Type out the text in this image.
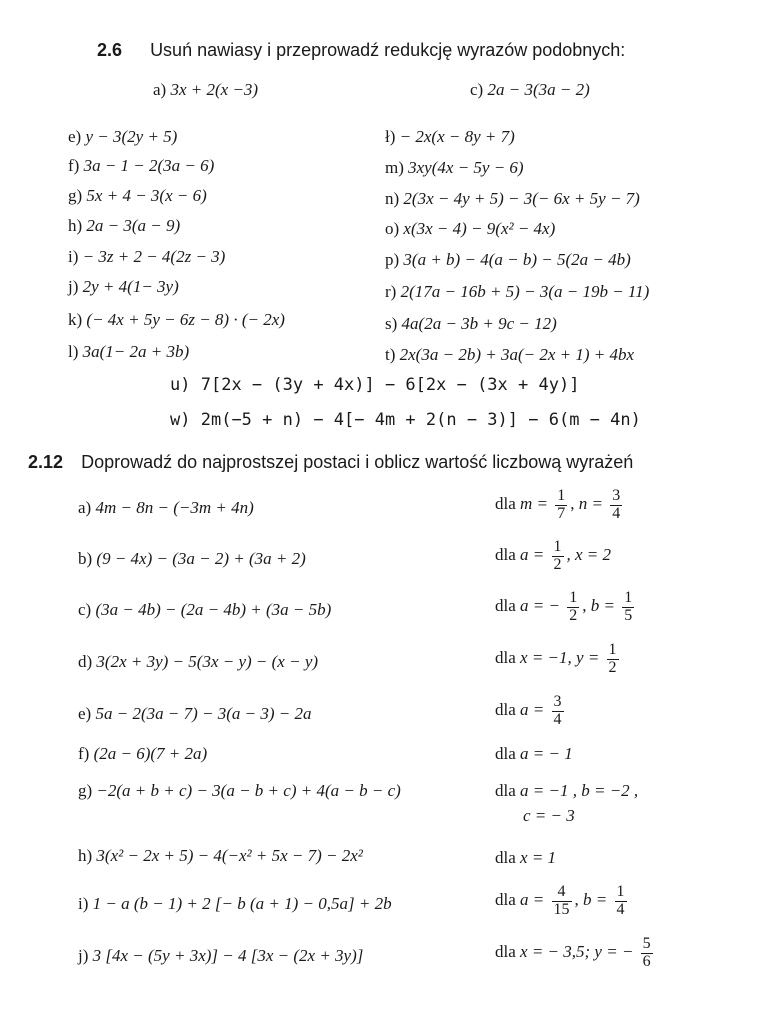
2.6 Usuń nawiasy i przeprowadź redukcję wyrazów podobnych:
a) 3x + 2(x −3)	c) 2a − 3(3a − 2)
e) y − 3(2y + 5)
f) 3a − 1 − 2(3a − 6)
g) 5x + 4 − 3(x − 6)
h) 2a − 3(a − 9)
i) − 3z + 2 − 4(2z − 3)
j) 2y + 4(1− 3y)
k) (− 4x + 5y − 6z − 8) · (− 2x)
l) 3a(1− 2a + 3b)
ł) − 2x(x − 8y + 7)
m) 3xy(4x − 5y − 6)
n) 2(3x − 4y + 5) − 3(− 6x + 5y − 7)
o) x(3x − 4) − 9(x² − 4x)
p) 3(a + b) − 4(a − b) − 5(2a − 4b)
r) 2(17a − 16b + 5) − 3(a − 19b − 11)
s) 4a(2a − 3b + 9c − 12)
t) 2x(3a − 2b) + 3a(− 2x + 1) + 4bx
u) 7[2x − (3y + 4x)] − 6[2x − (3x + 4y)]
w) 2m(−5 + n) − 4[− 4m + 2(n − 3)] − 6(m − 4n)
2.12 Doprowadź do najprostszej postaci i oblicz wartość liczbową wyrażeń
a) 4m − 8n − (−3m + 4n)
b) (9 − 4x) − (3a − 2) + (3a + 2)
c) (3a − 4b) − (2a − 4b) + (3a − 5b)
d) 3(2x + 3y) − 5(3x − y) − (x − y)
e) 5a − 2(3a − 7) − 3(a − 3) − 2a
f) (2a − 6)(7 + 2a)
g) −2(a + b + c) − 3(a − b + c) + 4(a − b − c)
h) 3(x² − 2x + 5) − 4(−x² + 5x − 7) − 2x²
i) 1 − a (b − 1) + 2 [− b (a + 1) − 0,5a] + 2b
j) 3 [4x − (5y + 3x)] − 4 [3x − (2x + 3y)]
dla $m = \frac{1}{7}$ , $n = \frac{3}{4}$
dla $a = \frac{1}{2}$ , x = 2
dla a = − $\frac{1}{2}$ , $b = \frac{1}{5}$
dla x = −1, $y = \frac{1}{2}$
dla $a = \frac{3}{4}$
dla a = − 1
dla a = −1 , b = −2 ,
c = − 3
dla x = 1
dla $a = \frac{4}{15}$ , $b = \frac{1}{4}$
dla x = − 3,5; y = − $\frac{5}{6}$
